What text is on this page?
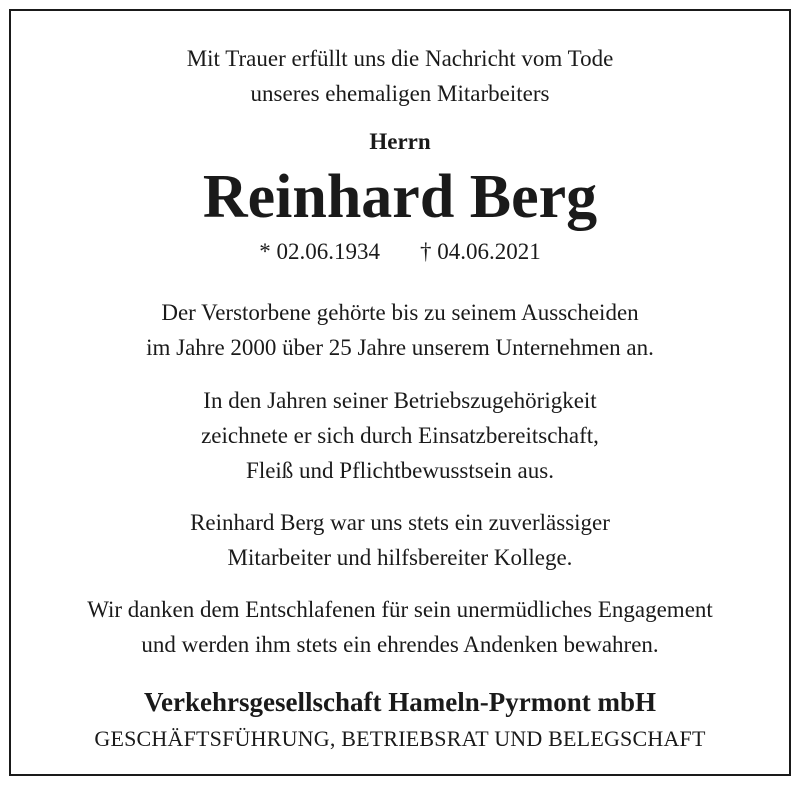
Mit Trauer erfüllt uns die Nachricht vom Tode
unseres ehemaligen Mitarbeiters
Herrn
Reinhard Berg
* 02.06.1934 † 04.06.2021
Der Verstorbene gehörte bis zu seinem Ausscheiden
im Jahre 2000 über 25 Jahre unserem Unternehmen an.
In den Jahren seiner Betriebszugehörigkeit
zeichnete er sich durch Einsatzbereitschaft,
Fleiß und Pflichtbewusstsein aus.
Reinhard Berg war uns stets ein zuverlässiger
Mitarbeiter und hilfsbereiter Kollege.
Wir danken dem Entschlafenen für sein unermüdliches Engagement
und werden ihm stets ein ehrendes Andenken bewahren.
Verkehrsgesellschaft Hameln-Pyrmont mbH
GESCHÄFTSFÜHRUNG, BETRIEBSRAT UND BELEGSCHAFT
